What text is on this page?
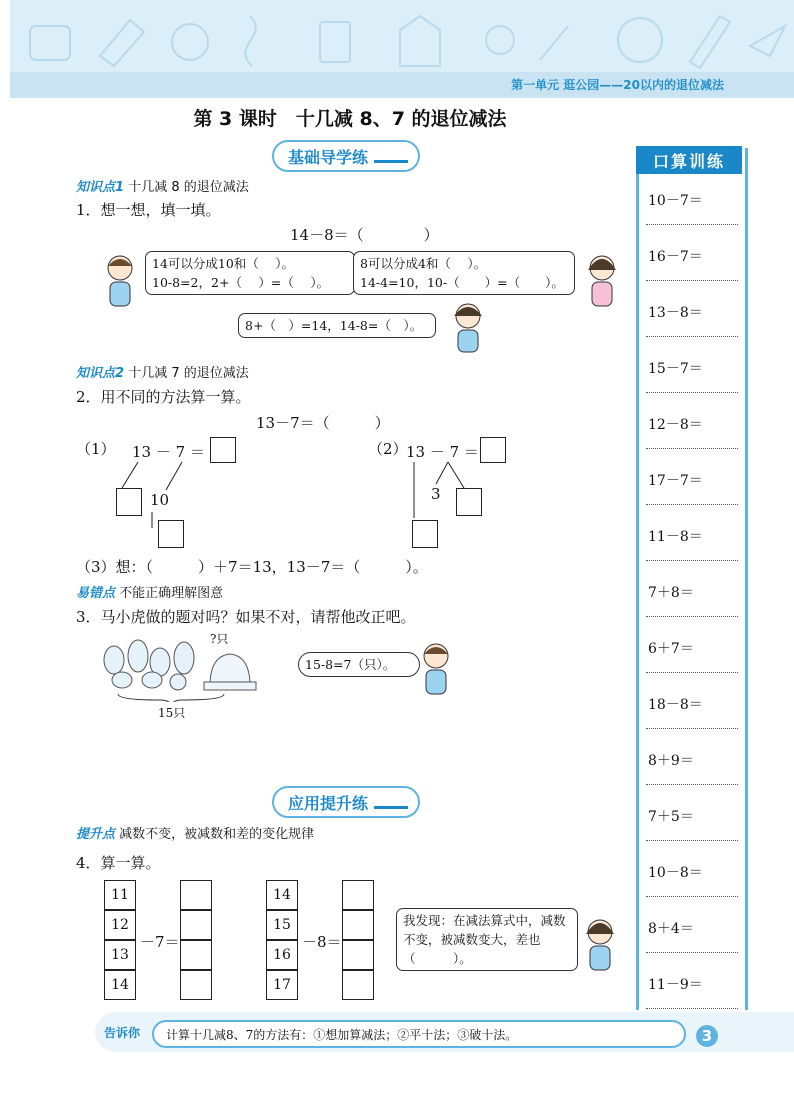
第一单元 逛公园——20以内的退位减法
第 3 课时　十几减 8、7 的退位减法
基础导学练
知识点1 十几减 8 的退位减法
1．想一想，填一填。
14－8＝（　　　　）
14可以分成10和（　 ）。
10-8=2，2+（　 ）=（　 ）。
8可以分成4和（　 ）。
14-4=10，10-（　　）=（　　）。
8+（　）=14，14-8=（　）。
知识点2 十几减 7 的退位减法
2．用不同的方法算一算。
13－7＝（　　　）
（1） 13 － 7 ＝
10
（2）
13 － 7 ＝
3
（3）想：（　　　）＋7＝13，13－7＝（　　　）。
易错点 不能正确理解图意
3．马小虎做的题对吗？如果不对，请帮他改正吧。
?只
15只
15-8=7（只）。
应用提升练
提升点 减数不变，被减数和差的变化规律
4．算一算。
11
12
13
14
－7＝
14
15
16
17
－8＝
我发现：在减法算式中，减数不变，被减数变大，差也（　　　）。
口算训练
10－7＝
16－7＝
13－8＝
15－7＝
12－8＝
17－7＝
11－8＝
7＋8＝
6＋7＝
18－8＝
8＋9＝
7＋5＝
10－8＝
8＋4＝
11－9＝
告诉你	计算十几减8、7的方法有：①想加算减法；②平十法；③破十法。	3
